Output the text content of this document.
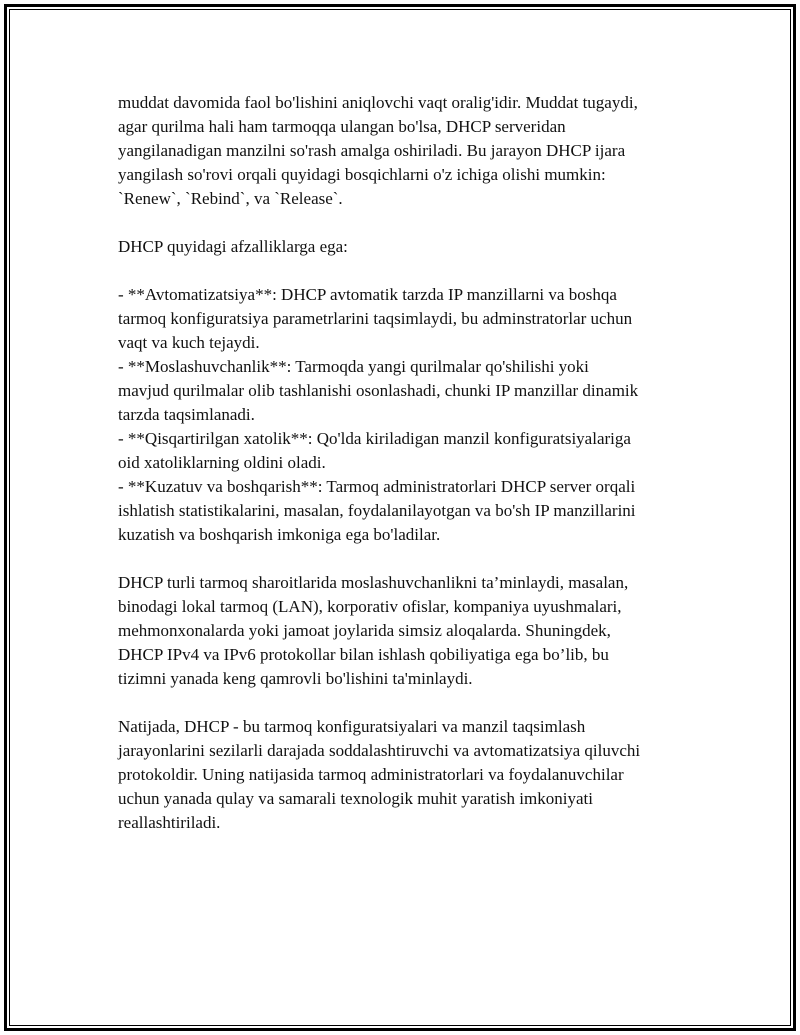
muddat davomida faol bo'lishini aniqlovchi vaqt oralig'idir. Muddat tugaydi,
agar qurilma hali ham tarmoqqa ulangan bo'lsa, DHCP serveridan
yangilanadigan manzilni so'rash amalga oshiriladi. Bu jarayon DHCP ijara
yangilash so'rovi orqali quyidagi bosqichlarni o'z ichiga olishi mumkin:
`Renew`, `Rebind`, va `Release`.
DHCP quyidagi afzalliklarga ega:
- **Avtomatizatsiya**: DHCP avtomatik tarzda IP manzillarni va boshqa
tarmoq konfiguratsiya parametrlarini taqsimlaydi, bu adminstratorlar uchun
vaqt va kuch tejaydi.
- **Moslashuvchanlik**: Tarmoqda yangi qurilmalar qo'shilishi yoki
mavjud qurilmalar olib tashlanishi osonlashadi, chunki IP manzillar dinamik
tarzda taqsimlanadi.
- **Qisqartirilgan xatolik**: Qo'lda kiriladigan manzil konfiguratsiyalariga
oid xatoliklarning oldini oladi.
- **Kuzatuv va boshqarish**: Tarmoq administratorlari DHCP server orqali
ishlatish statistikalarini, masalan, foydalanilayotgan va bo'sh IP manzillarini
kuzatish va boshqarish imkoniga ega bo'ladilar.
DHCP turli tarmoq sharoitlarida moslashuvchanlikni ta’minlaydi, masalan,
binodagi lokal tarmoq (LAN), korporativ ofislar, kompaniya uyushmalari,
mehmonxonalarda yoki jamoat joylarida simsiz aloqalarda. Shuningdek,
DHCP IPv4 va IPv6 protokollar bilan ishlash qobiliyatiga ega bo’lib, bu
tizimni yanada keng qamrovli bo'lishini ta'minlaydi.
Natijada, DHCP - bu tarmoq konfiguratsiyalari va manzil taqsimlash
jarayonlarini sezilarli darajada soddalashtiruvchi va avtomatizatsiya qiluvchi
protokoldir. Uning natijasida tarmoq administratorlari va foydalanuvchilar
uchun yanada qulay va samarali texnologik muhit yaratish imkoniyati
reallashtiriladi.
